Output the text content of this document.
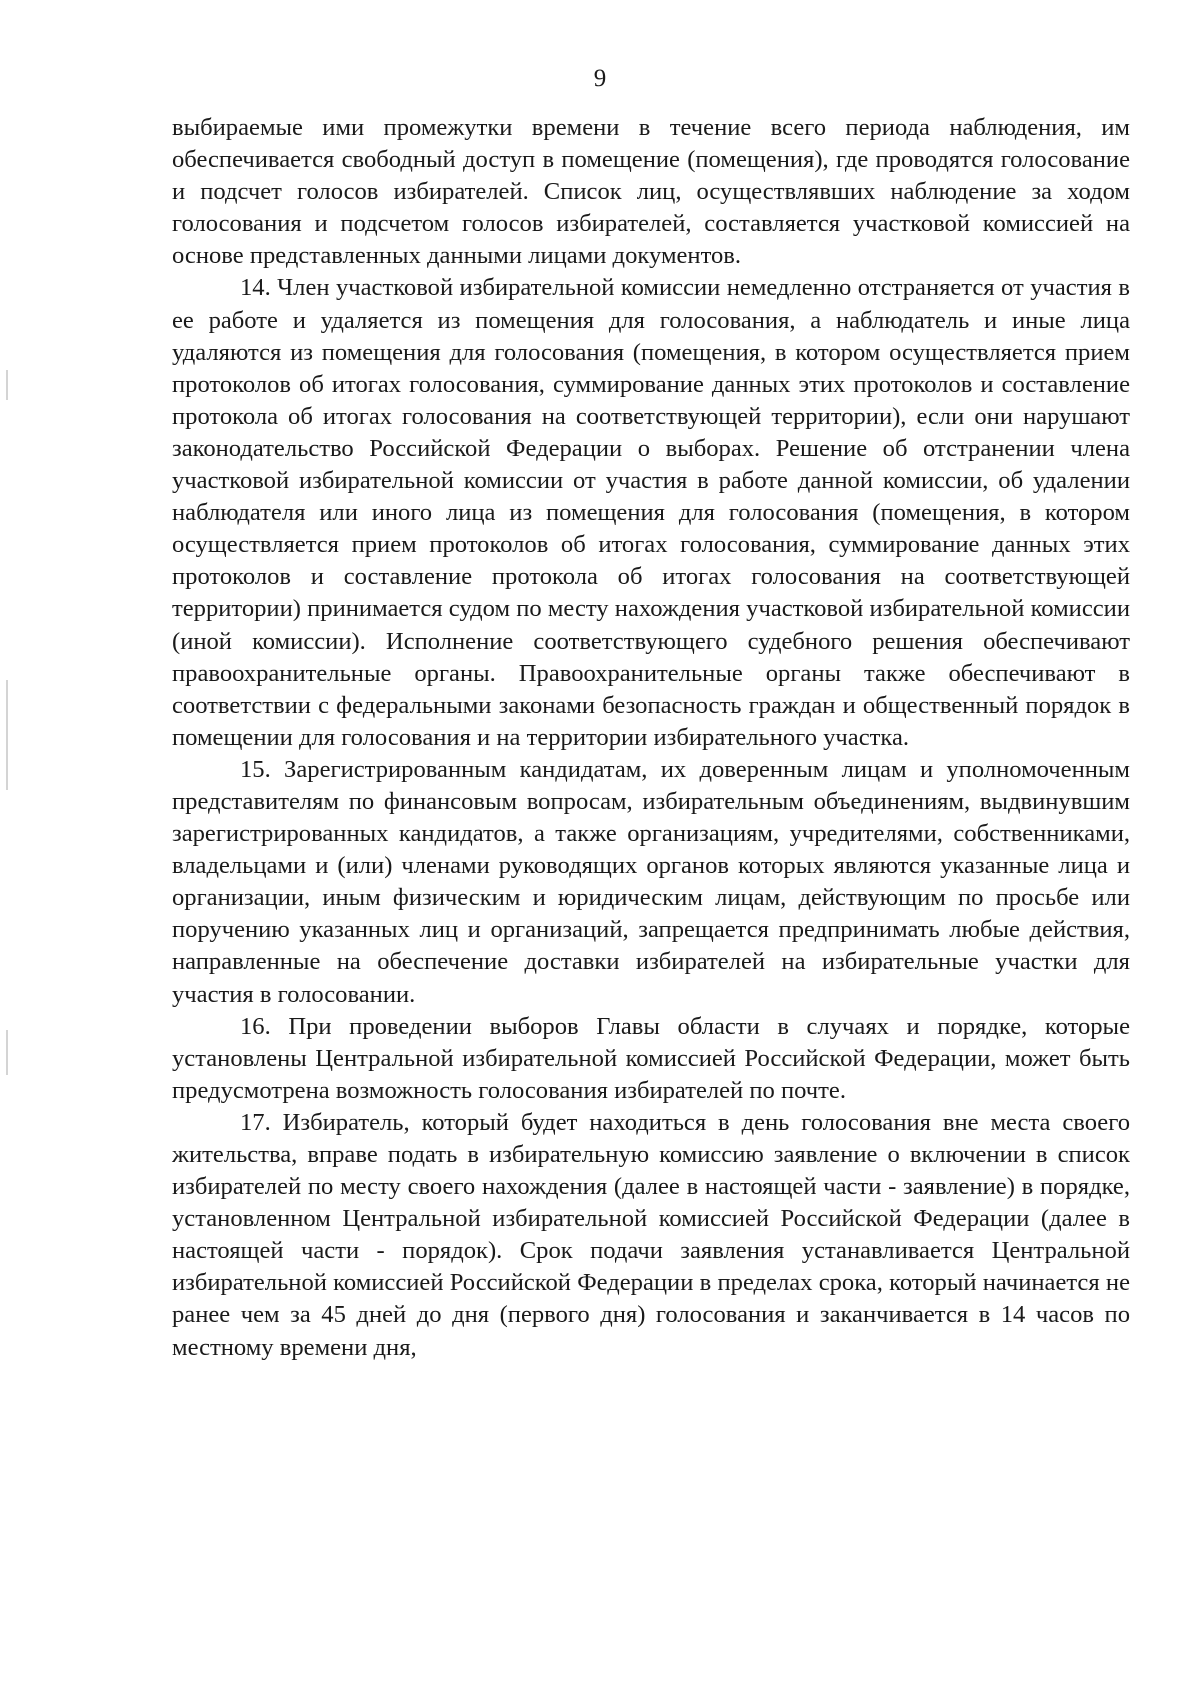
9

выбираемые ими промежутки времени в течение всего периода наблюдения, им обеспечивается свободный доступ в помещение (помещения), где проводятся голосование и подсчет голосов избирателей. Список лиц, осуществлявших наблюдение за ходом голосования и подсчетом голосов избирателей, составляется участковой комиссией на основе представленных данными лицами документов.

14. Член участковой избирательной комиссии немедленно отстраняется от участия в ее работе и удаляется из помещения для голосования, а наблюдатель и иные лица удаляются из помещения для голосования (помещения, в котором осуществляется прием протоколов об итогах голосования, суммирование данных этих протоколов и составление протокола об итогах голосования на соответствующей территории), если они нарушают законодательство Российской Федерации о выборах. Решение об отстранении члена участковой избирательной комиссии от участия в работе данной комиссии, об удалении наблюдателя или иного лица из помещения для голосования (помещения, в котором осуществляется прием протоколов об итогах голосования, суммирование данных этих протоколов и составление протокола об итогах голосования на соответствующей территории) принимается судом по месту нахождения участковой избирательной комиссии (иной комиссии). Исполнение соответствующего судебного решения обеспечивают правоохранительные органы. Правоохранительные органы также обеспечивают в соответствии с федеральными законами безопасность граждан и общественный порядок в помещении для голосования и на территории избирательного участка.

15. Зарегистрированным кандидатам, их доверенным лицам и уполномоченным представителям по финансовым вопросам, избирательным объединениям, выдвинувшим зарегистрированных кандидатов, а также организациям, учредителями, собственниками, владельцами и (или) членами руководящих органов которых являются указанные лица и организации, иным физическим и юридическим лицам, действующим по просьбе или поручению указанных лиц и организаций, запрещается предпринимать любые действия, направленные на обеспечение доставки избирателей на избирательные участки для участия в голосовании.

16. При проведении выборов Главы области в случаях и порядке, которые установлены Центральной избирательной комиссией Российской Федерации, может быть предусмотрена возможность голосования избирателей по почте.

17. Избиратель, который будет находиться в день голосования вне места своего жительства, вправе подать в избирательную комиссию заявление о включении в список избирателей по месту своего нахождения (далее в настоящей части - заявление) в порядке, установленном Центральной избирательной комиссией Российской Федерации (далее в настоящей части - порядок). Срок подачи заявления устанавливается Центральной избирательной комиссией Российской Федерации в пределах срока, который начинается не ранее чем за 45 дней до дня (первого дня) голосования и заканчивается в 14 часов по местному времени дня,
